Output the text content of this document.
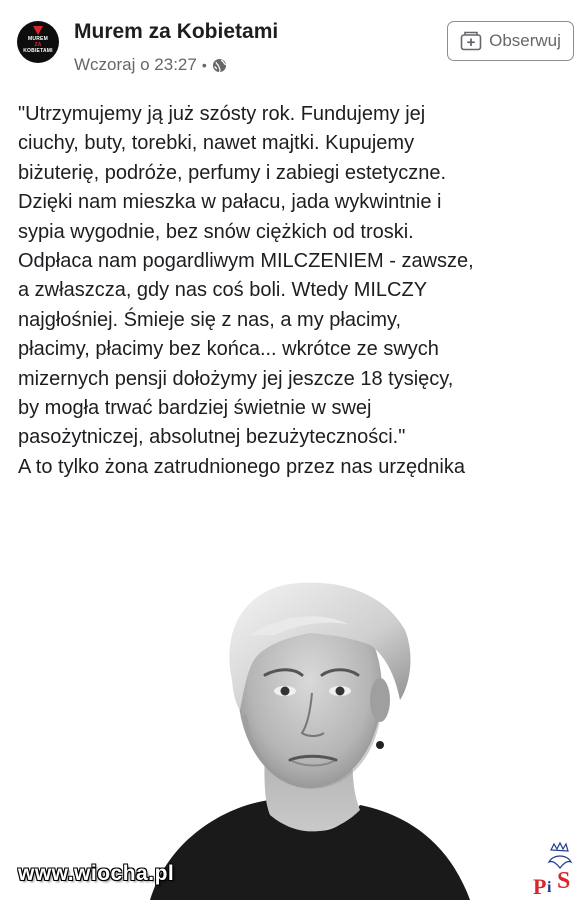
MUREM
ZA
KOBIETAMI
Murem za Kobietami
Wczoraj o 23:27 •
Obserwuj

"Utrzymujemy ją już szósty rok. Fundujemy jej
ciuchy, buty, torebki, nawet majtki. Kupujemy
biżuterię, podróże, perfumy i zabiegi estetyczne.
Dzięki nam mieszka w pałacu, jada wykwintnie i
sypia wygodnie, bez snów ciężkich od troski.
Odpłaca nam pogardliwym MILCZENIEM - zawsze,
a zwłaszcza, gdy nas coś boli. Wtedy MILCZY
najgłośniej. Śmieje się z nas, a my płacimy,
płacimy, płacimy bez końca... wkrótce ze swych
mizernych pensji dołożymy jej jeszcze 18 tysięcy,
by mogła trwać bardziej świetnie w swej
pasożytniczej, absolutnej bezużyteczności."
A to tylko żona zatrudnionego przez nas urzędnika

www.wiocha.pl
P i S
